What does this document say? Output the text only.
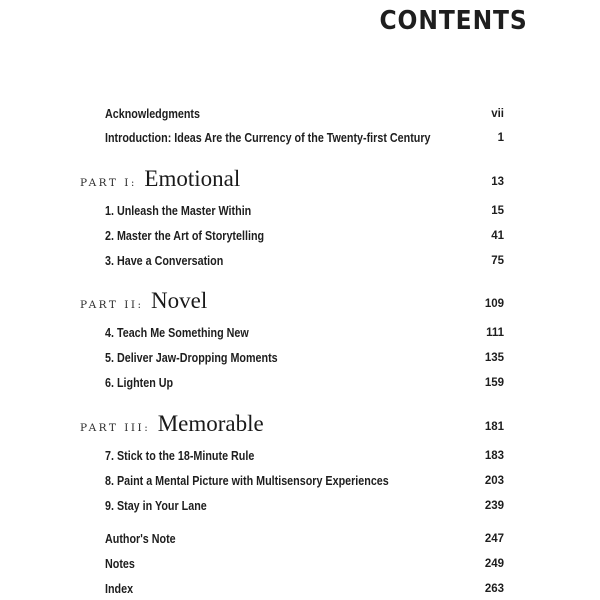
CONTENTS
Acknowledgments	vii
Introduction: Ideas Are the Currency of the Twenty-first Century	1
PART I: Emotional	13
1. Unleash the Master Within	15
2. Master the Art of Storytelling	41
3. Have a Conversation	75
PART II: Novel	109
4. Teach Me Something New	111
5. Deliver Jaw-Dropping Moments	135
6. Lighten Up	159
PART III: Memorable	181
7. Stick to the 18-Minute Rule	183
8. Paint a Mental Picture with Multisensory Experiences	203
9. Stay in Your Lane	239
Author's Note	247
Notes	249
Index	263
